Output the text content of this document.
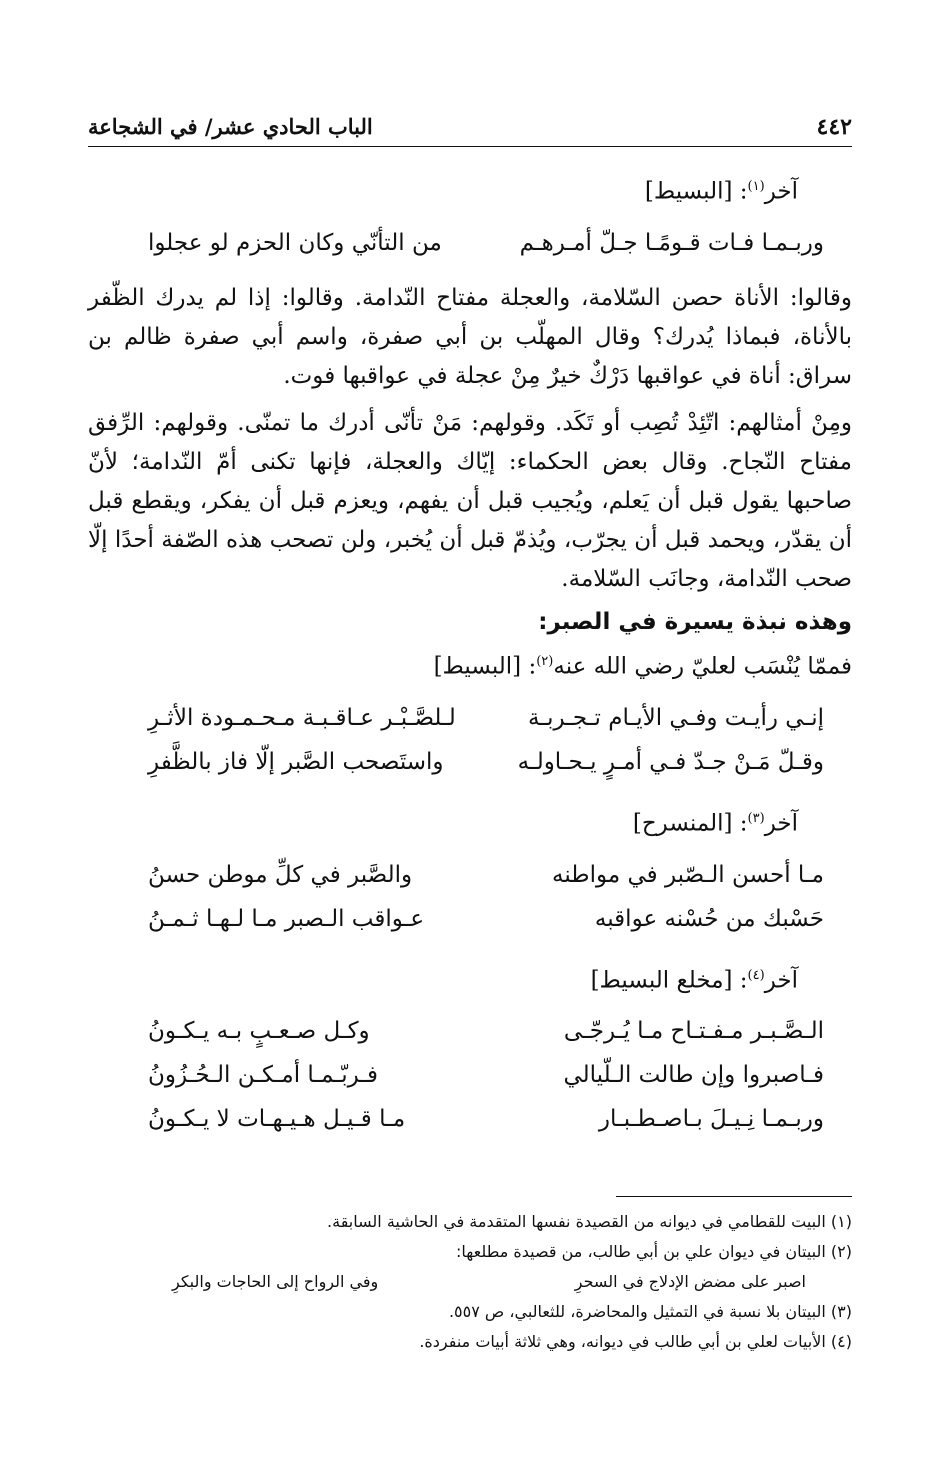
٤٤٢
الباب الحادي عشر/ في الشجاعة
آخر$^{(١)}$: [البسيط]
وربـمـا فـات قـومًـا جـلّ أمـرهـم
من التأنّي وكان الحزم لو عجلوا

وقالوا: الأناة حصن السّلامة، والعجلة مفتاح النّدامة. وقالوا: إذا لم يدرك الظّفر بالأناة، فبماذا يُدرك؟ وقال المهلّب بن أبي صفرة، واسم أبي صفرة ظالم بن سراق: أناة في عواقبها دَرْكٌ خيرٌ مِنْ عجلة في عواقبها فوت.

ومِنْ أمثالهم: اتّئِدْ تُصِب أو تَكَد. وقولهم: مَنْ تأنّى أدرك ما تمنّى. وقولهم: الرِّفق مفتاح النّجاح. وقال بعض الحكماء: إيّاك والعجلة، فإنها تكنى أمّ النّدامة؛ لأنّ صاحبها يقول قبل أن يَعلم، ويُجيب قبل أن يفهم، ويعزم قبل أن يفكر، ويقطع قبل أن يقدّر، ويحمد قبل أن يجرّب، ويُذمّ قبل أن يُخبر، ولن تصحب هذه الصّفة أحدًا إلّا صحب النّدامة، وجانَب السّلامة.

وهذه نبذة يسيرة في الصبر:
فممّا يُنْسَب لعليّ رضي الله عنه$^{(٢)}$: [البسيط]
إنـي رأيـت وفـي الأيـام تـجـربـة
لـلصَّـبْـر عـاقـبـة مـحـمـودة الأثـرِ
وقـلّ مَـنْ جـدّ فـي أمـرٍ يـحـاولـه
واستَصحب الصَّبر إلّا فاز بالظَّفرِ
آخر$^{(٣)}$: [المنسرح]
مـا أحسن الـصّبر في مواطنه
والصَّبر في كلِّ موطن حسنُ
حَسْبك من حُسْنه عواقبه
عـواقب الـصبر مـا لـهـا ثـمـنُ
آخر$^{(٤)}$: [مخلع البسيط]
الـصَّـبـر مـفـتـاح مـا يُـرجّـى
وكـل صـعـبٍ بـه يـكـونُ
فـاصبروا وإن طالت الـلّيالي
فـربّـمـا أمـكـن الـحُـزُونُ
وربـمـا نِـيـلَ بـاصـطـبـار
مـا قـيـل هـيـهـات لا يـكـونُ

(١) البيت للقطامي في ديوانه من القصيدة نفسها المتقدمة في الحاشية السابقة.

(٢) البيتان في ديوان علي بن أبي طالب، من قصيدة مطلعها:

اصبر على مضض الإدلاج في السحرِ
وفي الرواح إلى الحاجات والبكرِ

(٣) البيتان بلا نسبة في التمثيل والمحاضرة، للثعالبي، ص ٥٥٧.

(٤) الأبيات لعلي بن أبي طالب في ديوانه، وهي ثلاثة أبيات منفردة.
